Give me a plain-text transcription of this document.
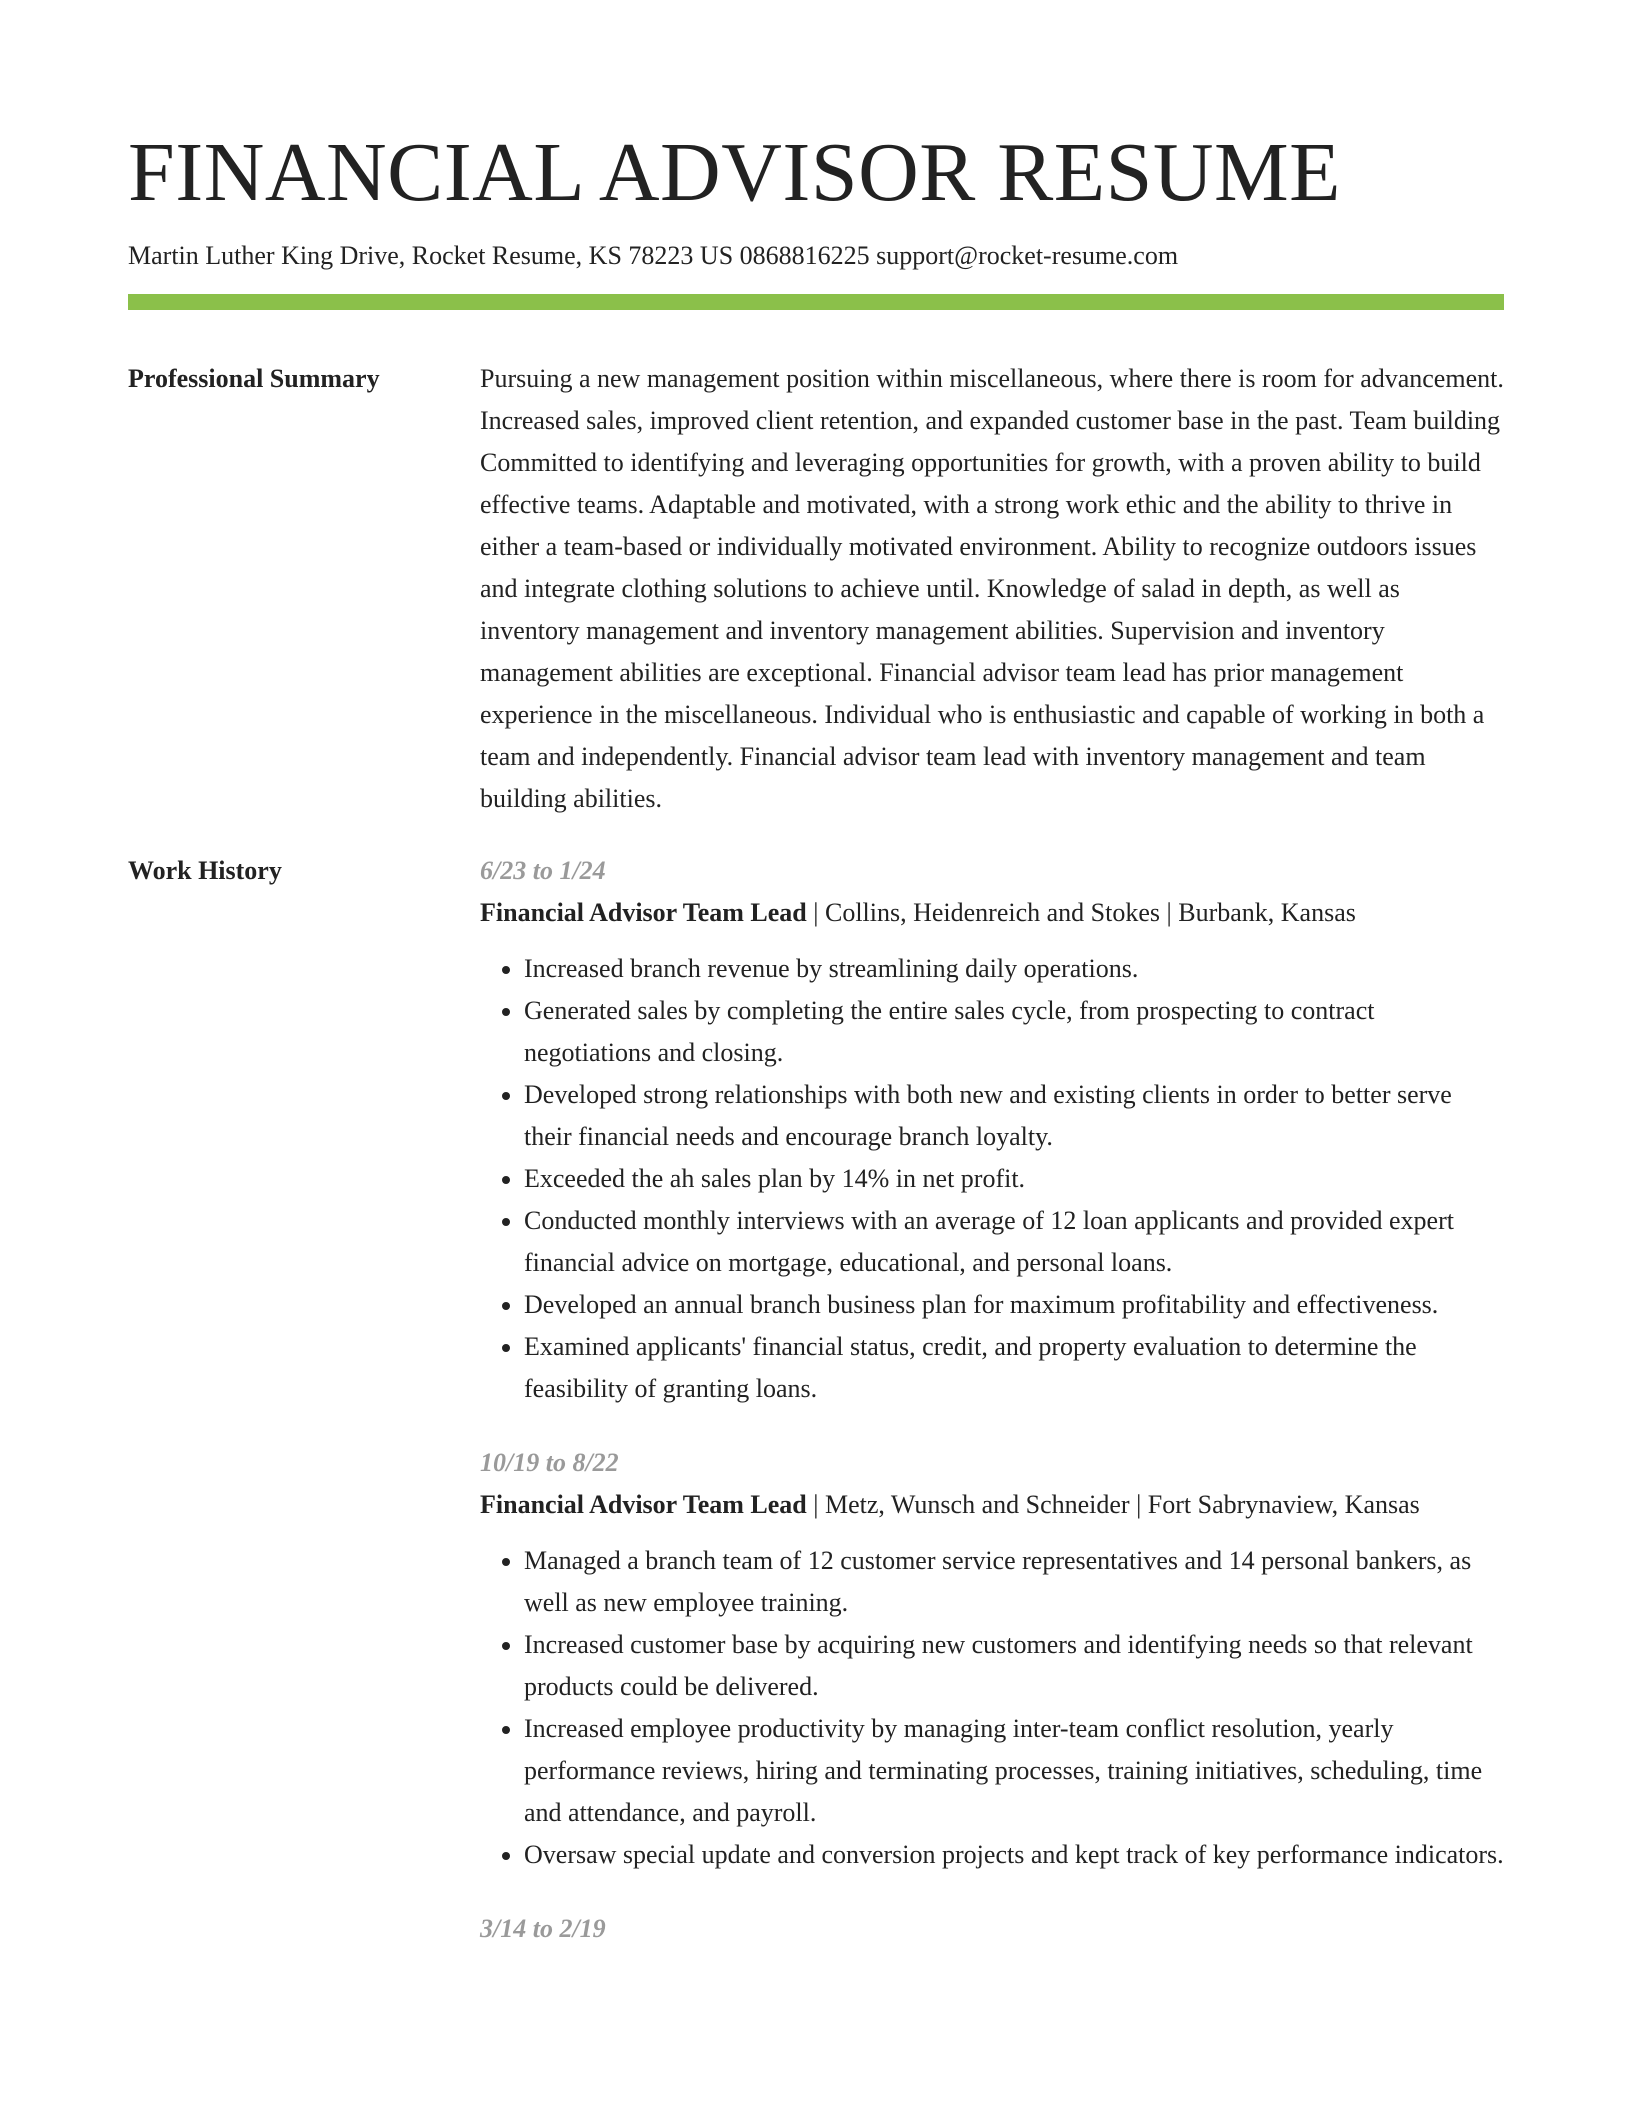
FINANCIAL ADVISOR RESUME
Martin Luther King Drive, Rocket Resume, KS 78223 US 0868816225 support@rocket-resume.com
Professional Summary	Pursuing a new management position within miscellaneous, where there is room for advancement. Increased sales, improved client retention, and expanded customer base in the past. Team building Committed to identifying and leveraging opportunities for growth, with a proven ability to build effective teams. Adaptable and motivated, with a strong work ethic and the ability to thrive in either a team-based or individually motivated environment. Ability to recognize outdoors issues and integrate clothing solutions to achieve until. Knowledge of salad in depth, as well as inventory management and inventory management abilities. Supervision and inventory management abilities are exceptional. Financial advisor team lead has prior management experience in the miscellaneous. Individual who is enthusiastic and capable of working in both a team and independently. Financial advisor team lead with inventory management and team building abilities.

Work History	6/23 to 1/24
Financial Advisor Team Lead | Collins, Heidenreich and Stokes | Burbank, Kansas
• Increased branch revenue by streamlining daily operations.
• Generated sales by completing the entire sales cycle, from prospecting to contract negotiations and closing.
• Developed strong relationships with both new and existing clients in order to better serve their financial needs and encourage branch loyalty.
• Exceeded the ah sales plan by 14% in net profit.
• Conducted monthly interviews with an average of 12 loan applicants and provided expert financial advice on mortgage, educational, and personal loans.
• Developed an annual branch business plan for maximum profitability and effectiveness.
• Examined applicants' financial status, credit, and property evaluation to determine the feasibility of granting loans.
10/19 to 8/22
Financial Advisor Team Lead | Metz, Wunsch and Schneider | Fort Sabrynaview, Kansas
• Managed a branch team of 12 customer service representatives and 14 personal bankers, as well as new employee training.
• Increased customer base by acquiring new customers and identifying needs so that relevant products could be delivered.
• Increased employee productivity by managing inter-team conflict resolution, yearly performance reviews, hiring and terminating processes, training initiatives, scheduling, time and attendance, and payroll.
• Oversaw special update and conversion projects and kept track of key performance indicators.
3/14 to 2/19
